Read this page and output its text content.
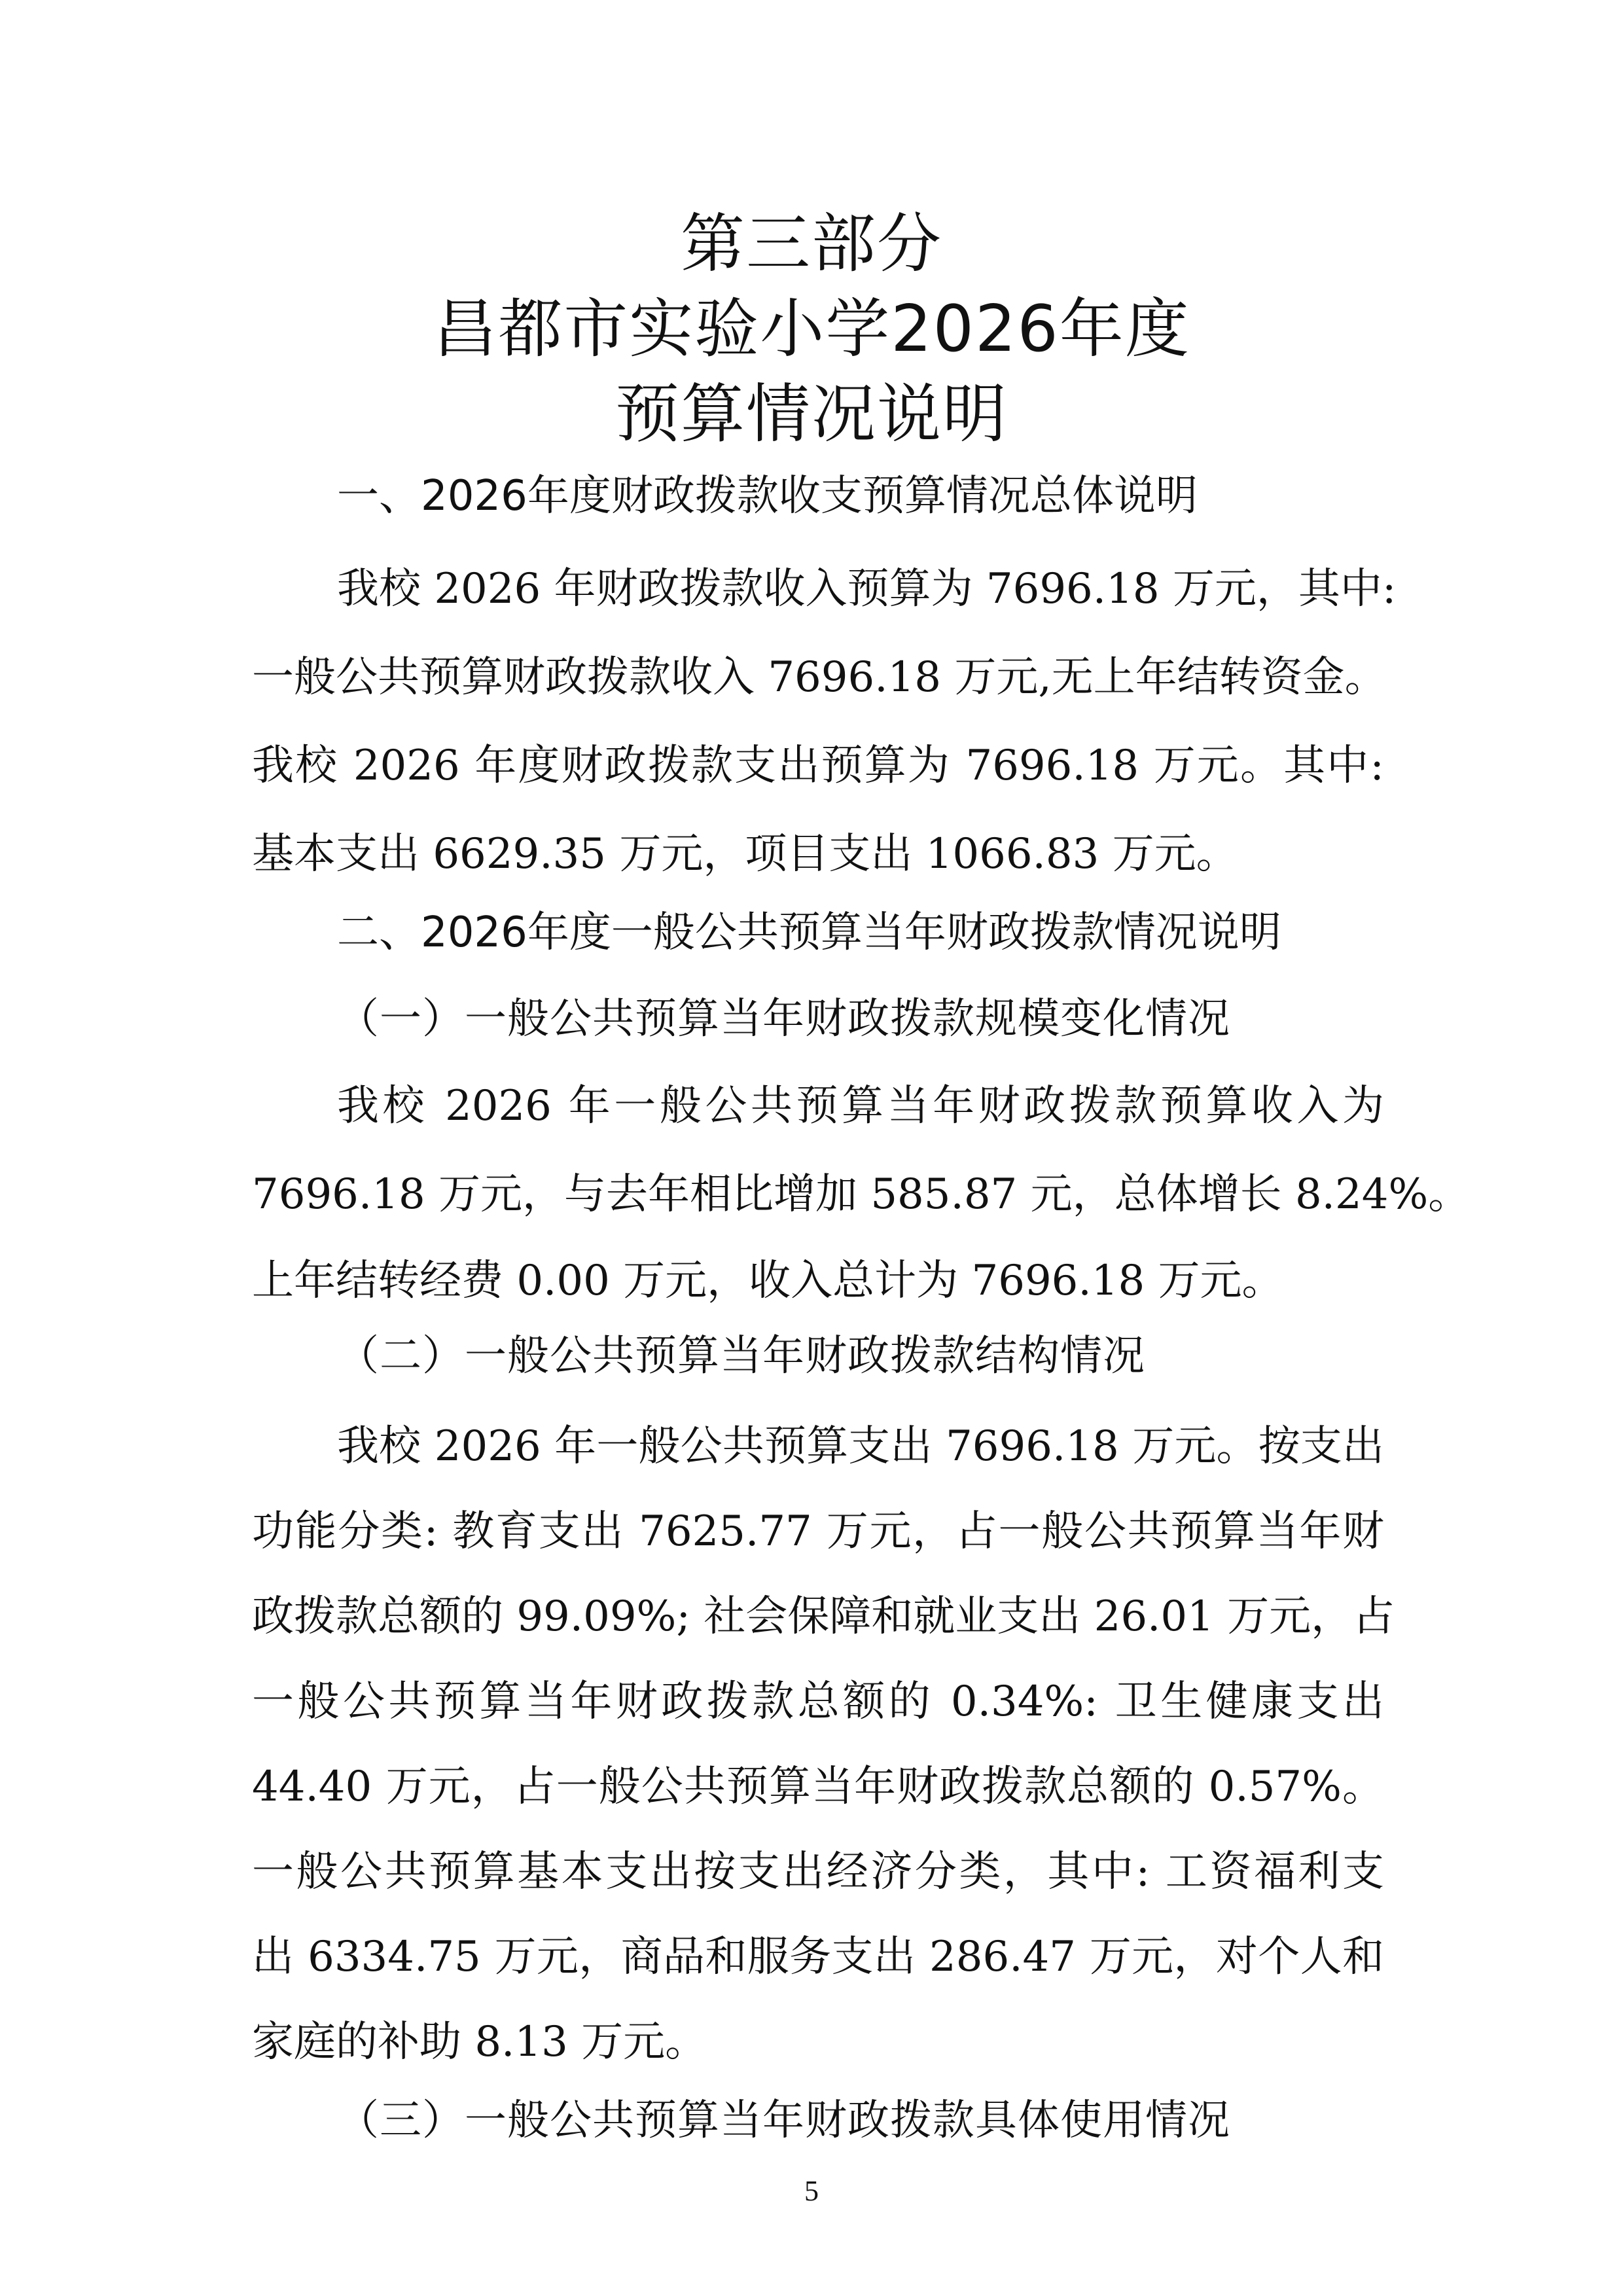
第三部分
昌都市实验小学2026年度
预算情况说明
一、2026年度财政拨款收支预算情况总体说明
我校 2026 年财政拨款收入预算为 7696.18 万元，其中:
一般公共预算财政拨款收入 7696.18 万元,无上年结转资金。
我校 2026 年度财政拨款支出预算为 7696.18 万元。其中:
基本支出 6629.35 万元，项目支出 1066.83 万元。
二、2026年度一般公共预算当年财政拨款情况说明
（一）一般公共预算当年财政拨款规模变化情况
我校 2026 年一般公共预算当年财政拨款预算收入为
7696.18 万元，与去年相比增加 585.87 元，总体增长 8.24%。
上年结转经费 0.00 万元，收入总计为 7696.18 万元。
（二）一般公共预算当年财政拨款结构情况
我校 2026 年一般公共预算支出 7696.18 万元。按支出
功能分类: 教育支出 7625.77 万元，占一般公共预算当年财
政拨款总额的 99.09%; 社会保障和就业支出 26.01 万元，占
一般公共预算当年财政拨款总额的 0.34%: 卫生健康支出
44.40 万元，占一般公共预算当年财政拨款总额的 0.57%。
一般公共预算基本支出按支出经济分类，其中: 工资福利支
出 6334.75 万元，商品和服务支出 286.47 万元，对个人和
家庭的补助 8.13 万元。
（三）一般公共预算当年财政拨款具体使用情况
5
